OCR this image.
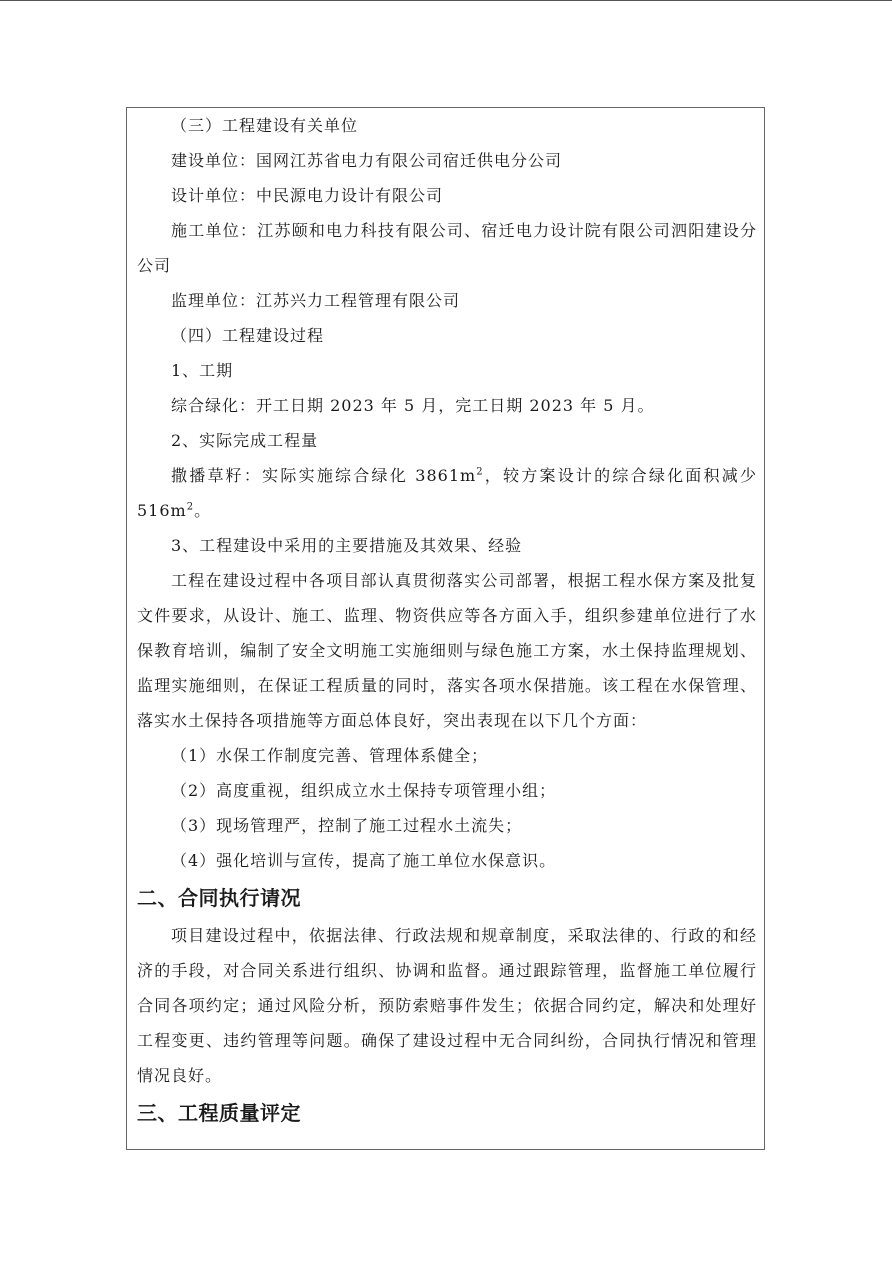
（三）工程建设有关单位

建设单位：国网江苏省电力有限公司宿迁供电分公司

设计单位：中民源电力设计有限公司

施工单位：江苏颐和电力科技有限公司、宿迁电力设计院有限公司泗阳建设分公司

监理单位：江苏兴力工程管理有限公司

（四）工程建设过程

1、工期

综合绿化：开工日期 2023 年 5 月，完工日期 2023 年 5 月。

2、实际完成工程量

撒播草籽：实际实施综合绿化 $3861m^2$，较方案设计的综合绿化面积减少 $516m^2$。

3、工程建设中采用的主要措施及其效果、经验

工程在建设过程中各项目部认真贯彻落实公司部署，根据工程水保方案及批复文件要求，从设计、施工、监理、物资供应等各方面入手，组织参建单位进行了水保教育培训，编制了安全文明施工实施细则与绿色施工方案，水土保持监理规划、监理实施细则，在保证工程质量的同时，落实各项水保措施。该工程在水保管理、落实水土保持各项措施等方面总体良好，突出表现在以下几个方面：

（1）水保工作制度完善、管理体系健全；

（2）高度重视，组织成立水土保持专项管理小组；

（3）现场管理严，控制了施工过程水土流失；

（4）强化培训与宣传，提高了施工单位水保意识。

二、合同执行请况

项目建设过程中，依据法律、行政法规和规章制度，采取法律的、行政的和经济的手段，对合同关系进行组织、协调和监督。通过跟踪管理，监督施工单位履行合同各项约定；通过风险分析，预防索赔事件发生；依据合同约定，解决和处理好工程变更、违约管理等问题。确保了建设过程中无合同纠纷，合同执行情况和管理情况良好。

三、工程质量评定
